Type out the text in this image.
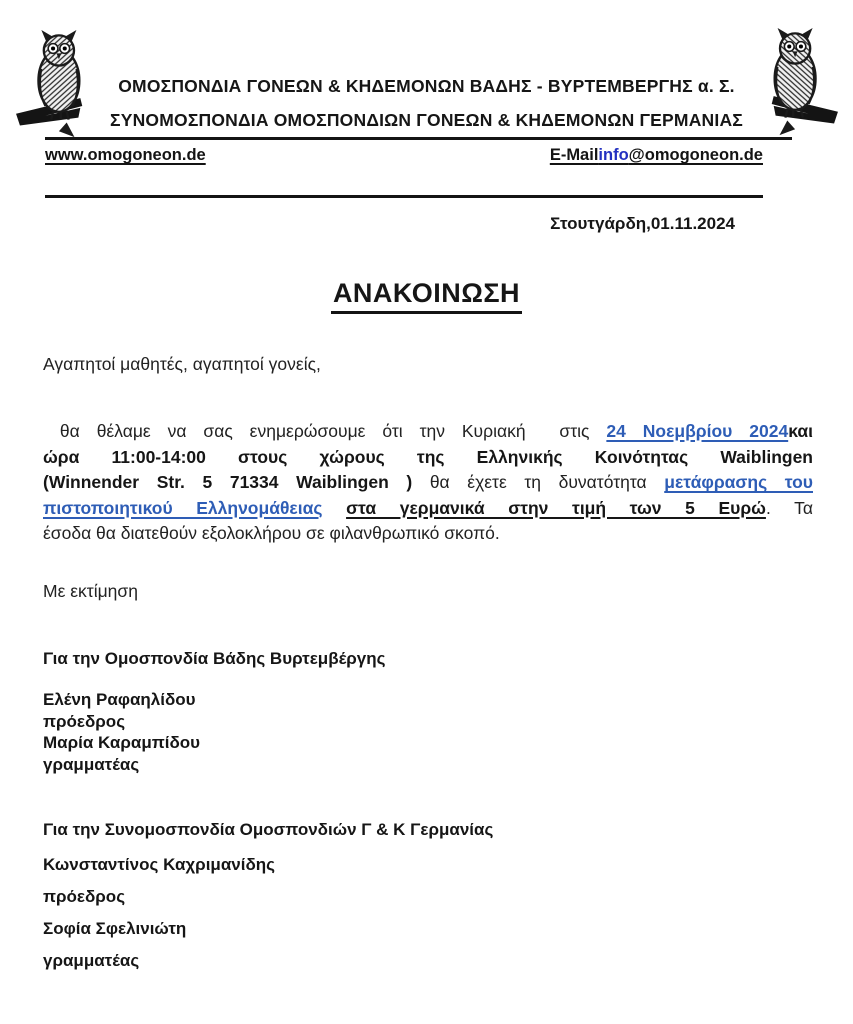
ΟΜΟΣΠΟΝΔΙΑ ΓΟΝΕΩΝ & ΚΗΔΕΜΟΝΩΝ ΒΑΔΗΣ - ΒΥΡΤΕΜΒΕΡΓΗΣ α. Σ.
ΣΥΝΟΜΟΣΠΟΝΔΙΑ ΟΜΟΣΠΟΝΔΙΩΝ ΓΟΝΕΩΝ & ΚΗΔΕΜΟΝΩΝ ΓΕΡΜΑΝΙΑΣ
www.omogoneon.de	E-Mailinfo@omogoneon.de
Στουτγάρδη,01.11.2024
ΑΝΑΚΟΙΝΩΣΗ
Αγαπητοί μαθητές, αγαπητοί γονείς,
θα θέλαμε να σας ενημερώσουμε ότι την Κυριακή  στις 24 Νοεμβρίου 2024και
ώρα 11:00-14:00 στους χώρους της Ελληνικής Κοινότητας Waiblingen
(Winnender Str. 5 71334 Waiblingen ) θα έχετε τη δυνατότητα μετάφρασης του
πιστοποιητικού Ελληνομάθειας στα γερμανικά στην τιμή των 5 Ευρώ. Τα
έσοδα θα διατεθούν εξολοκλήρου σε φιλανθρωπικό σκοπό.
Με εκτίμηση
Για την Ομοσπονδία Βάδης Βυρτεμβέργης
Ελένη Ραφαηλίδου
πρόεδρος
Μαρία Καραμπίδου
γραμματέας
Για την Συνομοσπονδία Ομοσπονδιών Γ & Κ Γερμανίας
Κωνσταντίνος Καχριμανίδης
πρόεδρος
Σοφία Σφελινιώτη
γραμματέας
